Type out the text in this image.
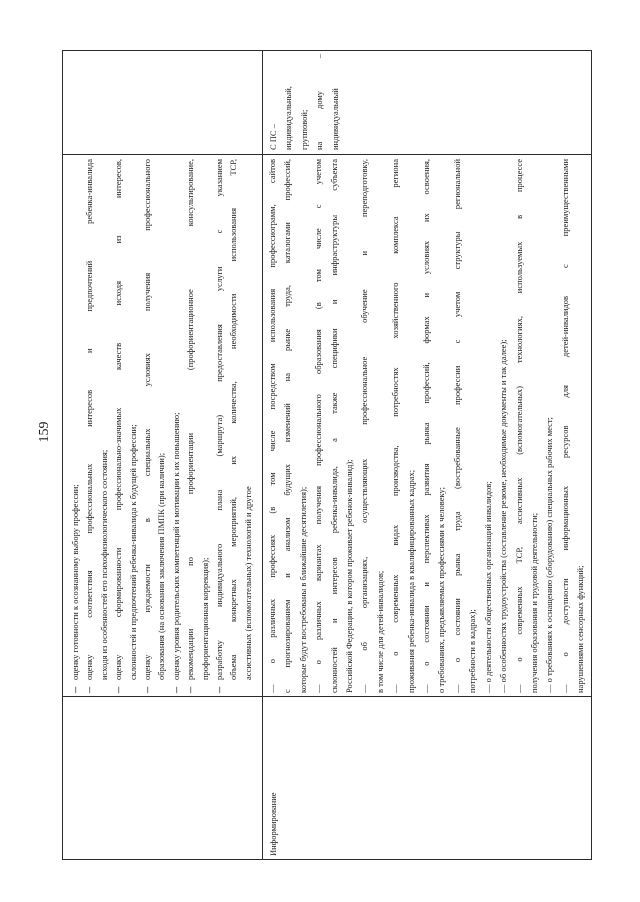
159
–
оценку готовности к осознанному выбору профессии;
–
оценку соответствия профессиональных интересов и предпочтений ребенка-инвалида исходя из особенностей его психофизиологического состояния;
–
оценку сформированности профессионально-значимых качеств исходя из интересов, склонностей и предпочтений ребенка-инвалида к будущей профессии;
–
оценку нуждаемости в специальных условиях получения профессионального образования (на основании заключения ПМПК (при наличии);
–
оценку уровня родительских компетенций и мотивации к их повышению;
–
рекомендации по профориентации (профориентационное консультирование, профориентационная коррекция);
–
разработку индивидуального плана (маршрута) предоставления услуги с указанием объема конкретных мероприятий, их количества, необходимости использования ТСР, ассистивных (вспомогательных) технологий и другое
Информирование
— о различных профессиях (в том числе посредством использования профессиограмм, сайтов с прогнозированием и анализом будущих изменений на рынке труда, каталогами профессий, которые будут востребованы в ближайшие десятилетия); — о различных вариантах получения профессионального образования (в том числе с учетом склонностей и интересов ребенка-инвалида, а также специфики и инфраструктуры субъекта Российской Федерации, в котором проживает ребенок-инвалид); — об организациях, осуществляющих профессиональное обучение и переподготовку, в том числе для детей-инвалидов; — о современных видах производства, потребностях хозяйственного комплекса региона проживания ребенка-инвалида в квалифицированных кадрах; — о состоянии и перспективах развития рынка профессий, формах и условиях их освоения, о требованиях, предъявляемых профессиями к человеку; — о состоянии рынка труда (востребованные профессии с учетом структуры региональной потребности в кадрах); — о деятельности общественных организаций инвалидов; — об особенностях трудоустройства (составление резюме, необходимые документы и так далее); — о современных ТСР, ассистивных (вспомогательных) технологиях, используемых в процессе получения образования и трудовой деятельности; — о требованиях к оснащению (оборудованию) специальных рабочих мест; — о доступности информационных ресурсов для детей-инвалидов с преимущественными нарушениями сенсорных функций;
С ПС – индивидуальный, групповой; на дому – индивидуальный
